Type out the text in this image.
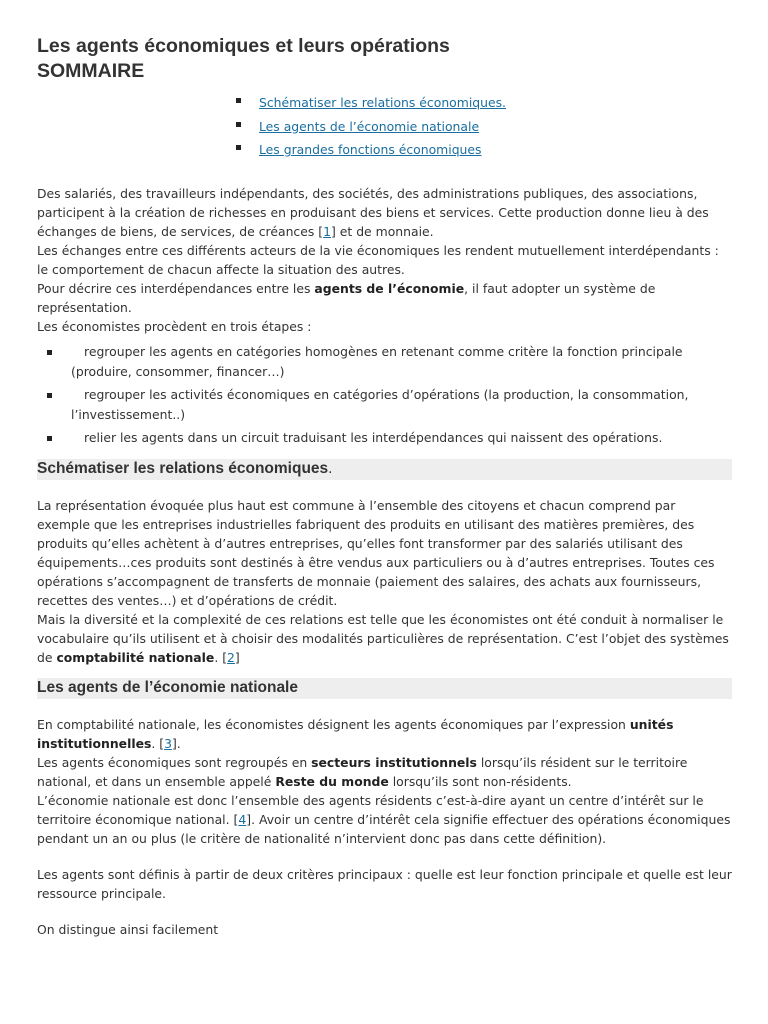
Les agents économiques et leurs opérations
SOMMAIRE
Schématiser les relations économiques.
Les agents de l’économie nationale
Les grandes fonctions économiques

Des salariés, des travailleurs indépendants, des sociétés, des administrations publiques, des associations, participent à la création de richesses en produisant des biens et services. Cette production donne lieu à des échanges de biens, de services, de créances [1] et de monnaie.

Les échanges entre ces différents acteurs de la vie économiques les rendent mutuellement interdépendants : le comportement de chacun affecte la situation des autres.

Pour décrire ces interdépendances entre les agents de l’économie, il faut adopter un système de représentation.

Les économistes procèdent en trois étapes :

regrouper les agents en catégories homogènes en retenant comme critère la fonction principale (produire, consommer, financer…)
regrouper les activités économiques en catégories d’opérations (la production, la consommation, l’investissement..)
relier les agents dans un circuit traduisant les interdépendances qui naissent des opérations.
Schématiser les relations économiques.

La représentation évoquée plus haut est commune à l’ensemble des citoyens et chacun comprend par exemple que les entreprises industrielles fabriquent des produits en utilisant des matières premières, des produits qu’elles achètent à d’autres entreprises, qu’elles font transformer par des salariés utilisant des équipements…ces produits sont destinés à être vendus aux particuliers ou à d’autres entreprises. Toutes ces opérations s’accompagnent de transferts de monnaie (paiement des salaires, des achats aux fournisseurs, recettes des ventes…) et d’opérations de crédit.

Mais la diversité et la complexité de ces relations est telle que les économistes ont été conduit à normaliser le vocabulaire qu’ils utilisent et à choisir des modalités particulières de représentation. C’est l’objet des systèmes de comptabilité nationale. [2]

Les agents de l’économie nationale

En comptabilité nationale, les économistes désignent les agents économiques par l’expression unités institutionnelles. [3].

Les agents économiques sont regroupés en secteurs institutionnels lorsqu’ils résident sur le territoire national, et dans un ensemble appelé Reste du monde lorsqu’ils sont non-résidents.

L’économie nationale est donc l’ensemble des agents résidents c’est-à-dire ayant un centre d’intérêt sur le territoire économique national. [4]. Avoir un centre d’intérêt cela signifie effectuer des opérations économiques pendant un an ou plus (le critère de nationalité n’intervient donc pas dans cette définition).

Les agents sont définis à partir de deux critères principaux : quelle est leur fonction principale et quelle est leur ressource principale.

On distingue ainsi facilement
